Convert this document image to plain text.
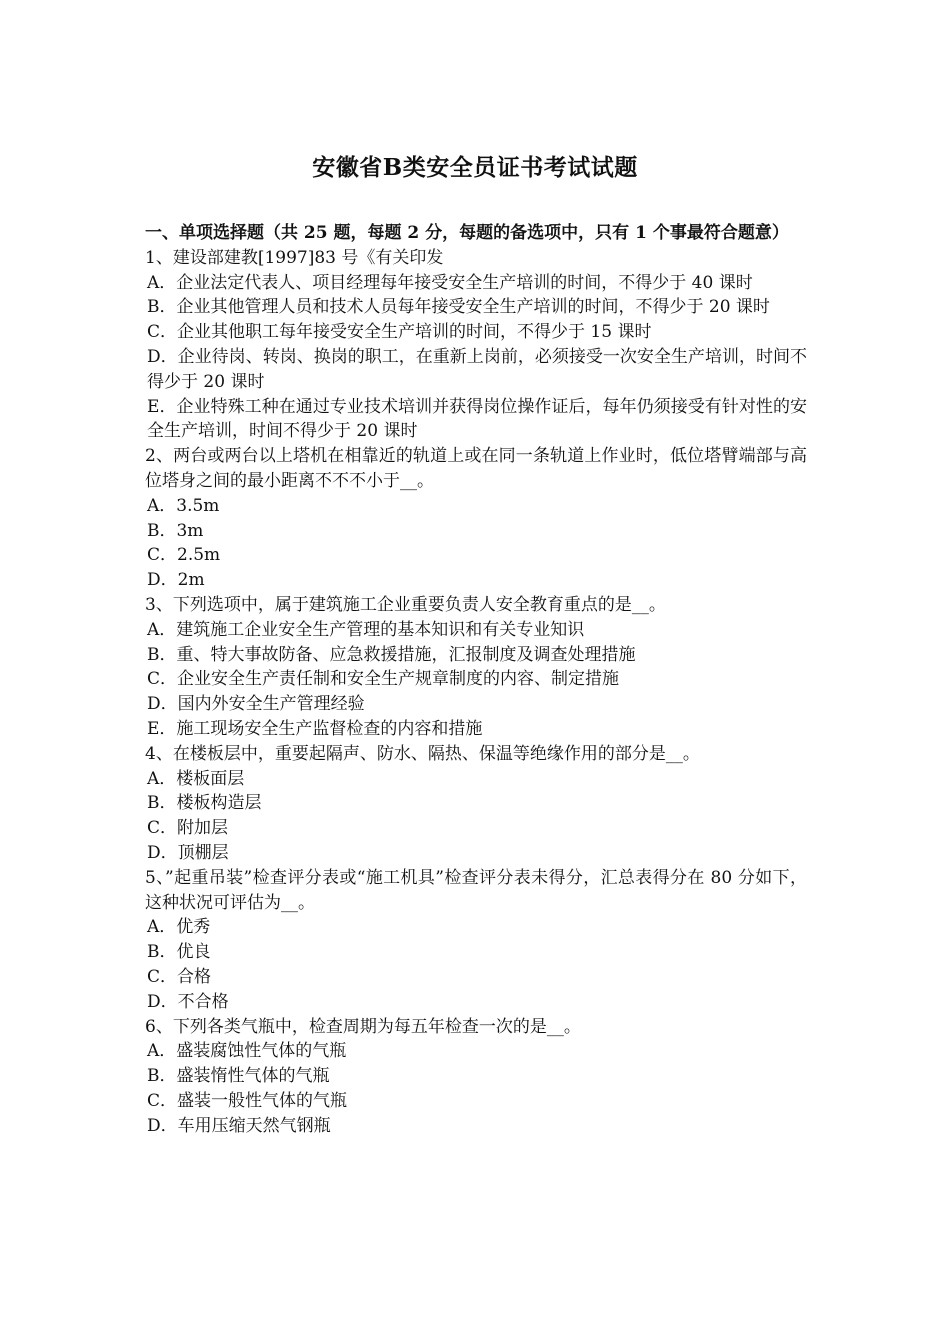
安徽省B类安全员证书考试试题
一、单项选择题（共 25 题，每题 2 分，每题的备选项中，只有 1 个事最符合题意）

1、建设部建教[1997]83 号《有关印发

A．企业法定代表人、项目经理每年接受安全生产培训的时间，不得少于 40 课时

B．企业其他管理人员和技术人员每年接受安全生产培训的时间，不得少于 20 课时

C．企业其他职工每年接受安全生产培训的时间，不得少于 15 课时

D．企业待岗、转岗、换岗的职工，在重新上岗前，必须接受一次安全生产培训，时间不得少于 20 课时

E．企业特殊工种在通过专业技术培训并获得岗位操作证后，每年仍须接受有针对性的安全生产培训，时间不得少于 20 课时

2、两台或两台以上塔机在相靠近的轨道上或在同一条轨道上作业时，低位塔臂端部与高位塔身之间的最小距离不不不小于__。

A．3.5m

B．3m

C．2.5m

D．2m

3、下列选项中，属于建筑施工企业重要负责人安全教育重点的是__。

A．建筑施工企业安全生产管理的基本知识和有关专业知识

B．重、特大事故防备、应急救援措施，汇报制度及调查处理措施

C．企业安全生产责任制和安全生产规章制度的内容、制定措施

D．国内外安全生产管理经验

E．施工现场安全生产监督检查的内容和措施

4、在楼板层中，重要起隔声、防水、隔热、保温等绝缘作用的部分是__。

A．楼板面层

B．楼板构造层

C．附加层

D．顶棚层

5、”起重吊装”检查评分表或“施工机具”检查评分表未得分，汇总表得分在 80 分如下，这种状况可评估为__。

A．优秀

B．优良

C．合格

D．不合格

6、下列各类气瓶中，检查周期为每五年检查一次的是__。

A．盛装腐蚀性气体的气瓶

B．盛装惰性气体的气瓶

C．盛装一般性气体的气瓶

D．车用压缩天然气钢瓶
